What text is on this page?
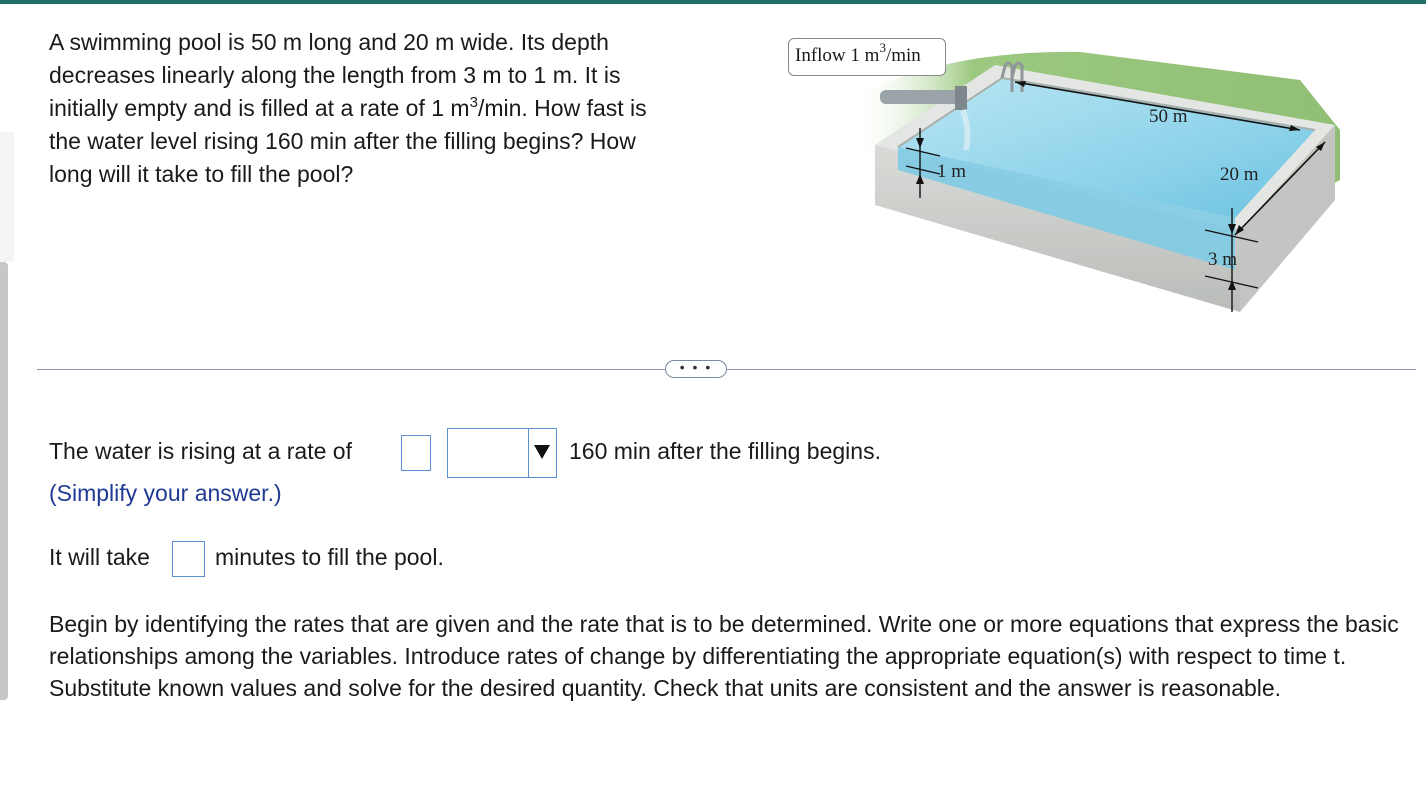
A swimming pool is 50 m long and 20 m wide. Its depth
decreases linearly along the length from 3 m to 1 m. It is
initially empty and is filled at a rate of 1 $m^3/\min$. How fast is
the water level rising 160 min after the filling begins? How
long will it take to fill the pool?

Inflow 1 $m^3/\min$
50 m
20 m
1 m
3 m
• • •
The water is rising at a rate of	160 min after the filling begins.
(Simplify your answer.)
It will take	minutes to fill the pool.

Begin by identifying the rates that are given and the rate that is to be determined. Write one or more equations that express the basic relationships among the variables. Introduce rates of change by differentiating the appropriate equation(s) with respect to time t. Substitute known values and solve for the desired quantity. Check that units are consistent and the answer is reasonable.
